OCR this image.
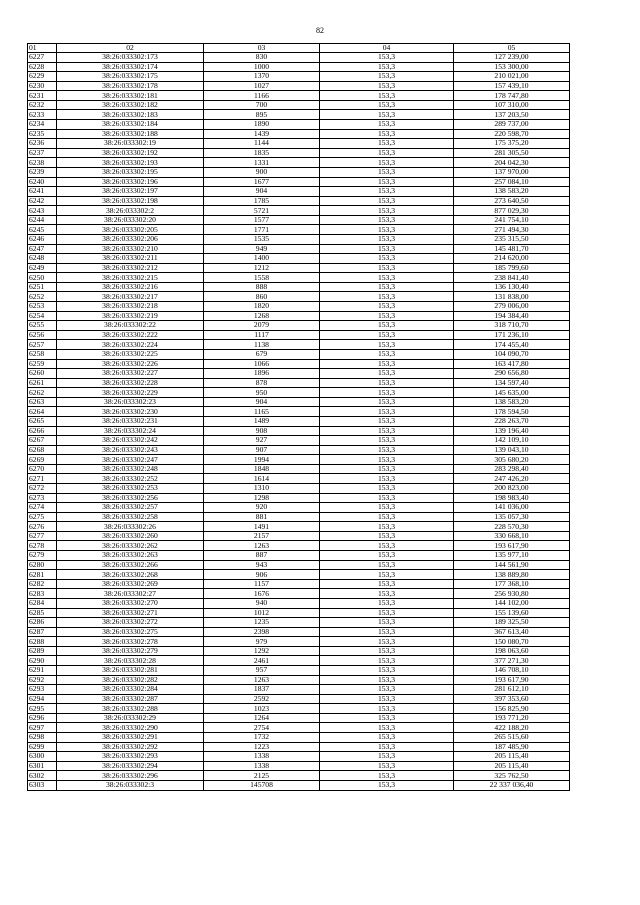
82
01	02	03	04	05
6227	38:26:033302:173	830	153,3	127 239,00
6228	38:26:033302:174	1000	153,3	153 300,00
6229	38:26:033302:175	1370	153,3	210 021,00
6230	38:26:033302:178	1027	153,3	157 439,10
6231	38:26:033302:181	1166	153,3	178 747,80
6232	38:26:033302:182	700	153,3	107 310,00
6233	38:26:033302:183	895	153,3	137 203,50
6234	38:26:033302:184	1890	153,3	289 737,00
6235	38:26:033302:188	1439	153,3	220 598,70
6236	38:26:033302:19	1144	153,3	175 375,20
6237	38:26:033302:192	1835	153,3	281 305,50
6238	38:26:033302:193	1331	153,3	204 042,30
6239	38:26:033302:195	900	153,3	137 970,00
6240	38:26:033302:196	1677	153,3	257 084,10
6241	38:26:033302:197	904	153,3	138 583,20
6242	38:26:033302:198	1785	153,3	273 640,50
6243	38:26:033302:2	5721	153,3	877 029,30
6244	38:26:033302:20	1577	153,3	241 754,10
6245	38:26:033302:205	1771	153,3	271 494,30
6246	38:26:033302:206	1535	153,3	235 315,50
6247	38:26:033302:210	949	153,3	145 481,70
6248	38:26:033302:211	1400	153,3	214 620,00
6249	38:26:033302:212	1212	153,3	185 799,60
6250	38:26:033302:215	1558	153,3	238 841,40
6251	38:26:033302:216	888	153,3	136 130,40
6252	38:26:033302:217	860	153,3	131 838,00
6253	38:26:033302:218	1820	153,3	279 006,00
6254	38:26:033302:219	1268	153,3	194 384,40
6255	38:26:033302:22	2079	153,3	318 710,70
6256	38:26:033302:222	1117	153,3	171 236,10
6257	38:26:033302:224	1138	153,3	174 455,40
6258	38:26:033302:225	679	153,3	104 090,70
6259	38:26:033302:226	1066	153,3	163 417,80
6260	38:26:033302:227	1896	153,3	290 656,80
6261	38:26:033302:228	878	153,3	134 597,40
6262	38:26:033302:229	950	153,3	145 635,00
6263	38:26:033302:23	904	153,3	138 583,20
6264	38:26:033302:230	1165	153,3	178 594,50
6265	38:26:033302:231	1489	153,3	228 263,70
6266	38:26:033302:24	908	153,3	139 196,40
6267	38:26:033302:242	927	153,3	142 109,10
6268	38:26:033302:243	907	153,3	139 043,10
6269	38:26:033302:247	1994	153,3	305 680,20
6270	38:26:033302:248	1848	153,3	283 298,40
6271	38:26:033302:252	1614	153,3	247 426,20
6272	38:26:033302:253	1310	153,3	200 823,00
6273	38:26:033302:256	1298	153,3	198 983,40
6274	38:26:033302:257	920	153,3	141 036,00
6275	38:26:033302:258	881	153,3	135 057,30
6276	38:26:033302:26	1491	153,3	228 570,30
6277	38:26:033302:260	2157	153,3	330 668,10
6278	38:26:033302:262	1263	153,3	193 617,90
6279	38:26:033302:263	887	153,3	135 977,10
6280	38:26:033302:266	943	153,3	144 561,90
6281	38:26:033302:268	906	153,3	138 889,80
6282	38:26:033302:269	1157	153,3	177 368,10
6283	38:26:033302:27	1676	153,3	256 930,80
6284	38:26:033302:270	940	153,3	144 102,00
6285	38:26:033302:271	1012	153,3	155 139,60
6286	38:26:033302:272	1235	153,3	189 325,50
6287	38:26:033302:275	2398	153,3	367 613,40
6288	38:26:033302:278	979	153,3	150 080,70
6289	38:26:033302:279	1292	153,3	198 063,60
6290	38:26:033302:28	2461	153,3	377 271,30
6291	38:26:033302:281	957	153,3	146 708,10
6292	38:26:033302:282	1263	153,3	193 617,90
6293	38:26:033302:284	1837	153,3	281 612,10
6294	38:26:033302:287	2592	153,3	397 353,60
6295	38:26:033302:288	1023	153,3	156 825,90
6296	38:26:033302:29	1264	153,3	193 771,20
6297	38:26:033302:290	2754	153,3	422 188,20
6298	38:26:033302:291	1732	153,3	265 515,60
6299	38:26:033302:292	1223	153,3	187 485,90
6300	38:26:033302:293	1338	153,3	205 115,40
6301	38:26:033302:294	1338	153,3	205 115,40
6302	38:26:033302:296	2125	153,3	325 762,50
6303	38:26:033302:3	145708	153,3	22 337 036,40
